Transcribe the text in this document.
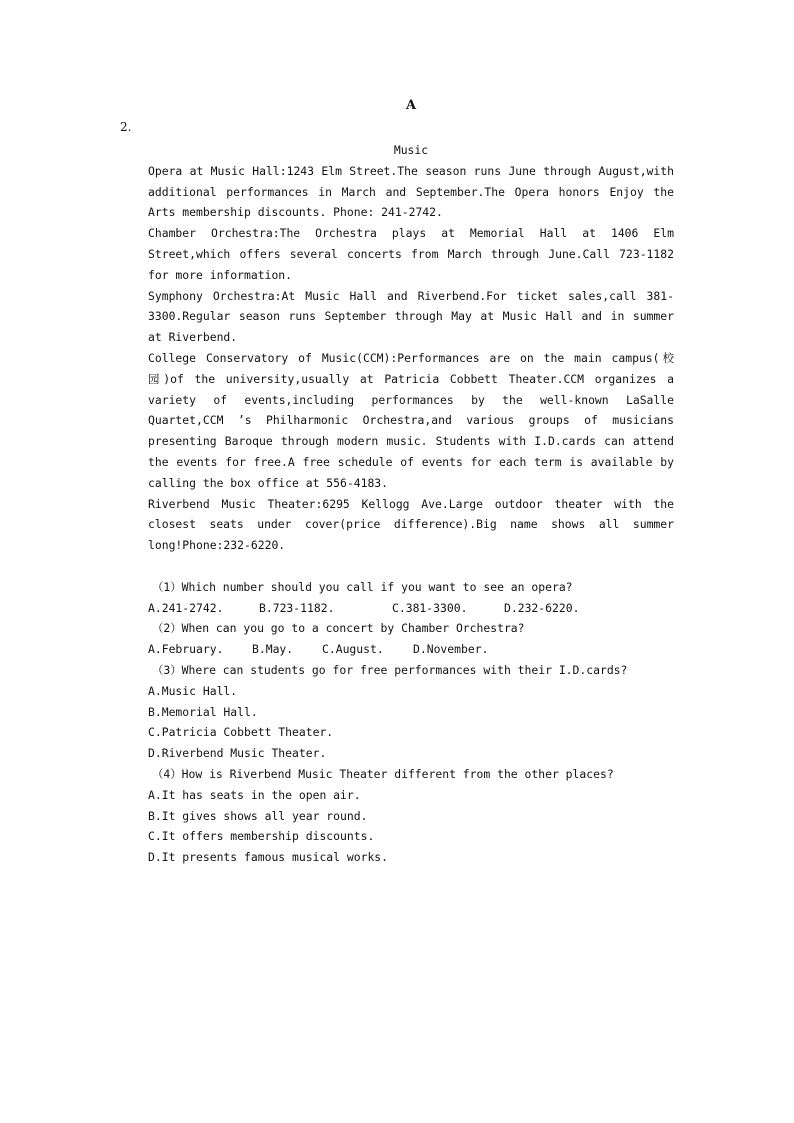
A
2.

Music

Opera at Music Hall:1243 Elm Street.The season runs June through August,with additional performances in March and September.The Opera honors Enjoy the Arts membership discounts. Phone: 241-2742.

Chamber Orchestra:The Orchestra plays at Memorial Hall at 1406 Elm Street,which offers several concerts from March through June.Call 723-1182 for more information.

Symphony Orchestra:At Music Hall and Riverbend.For ticket sales,call 381-3300.Regular season runs September through May at Music Hall and in summer at Riverbend.

College Conservatory of Music(CCM):Performances are on the main campus(校园)of the university,usually at Patricia Cobbett Theater.CCM organizes a variety of events,including performances by the well-known LaSalle Quartet,CCM ’s Philharmonic Orchestra,and various groups of musicians presenting Baroque through modern music. Students with I.D.cards can attend the events for free.A free schedule of events for each term is available by calling the box office at 556-4183.

Riverbend Music Theater:6295 Kellogg Ave.Large outdoor theater with the closest seats under cover(price difference).Big name shows all summer long!Phone:232-6220.

（1）Which number should you call if you want to see an opera?

A.241-2742.	B.723-1182.	C.381-3300.	D.232-6220.

（2）When can you go to a concert by Chamber Orchestra?

A.February.	B.May.	C.August.	D.November.

（3）Where can students go for free performances with their I.D.cards?

A.Music Hall.

B.Memorial Hall.

C.Patricia Cobbett Theater.

D.Riverbend Music Theater.

（4）How is Riverbend Music Theater different from the other places?

A.It has seats in the open air.

B.It gives shows all year round.

C.It offers membership discounts.

D.It presents famous musical works.
